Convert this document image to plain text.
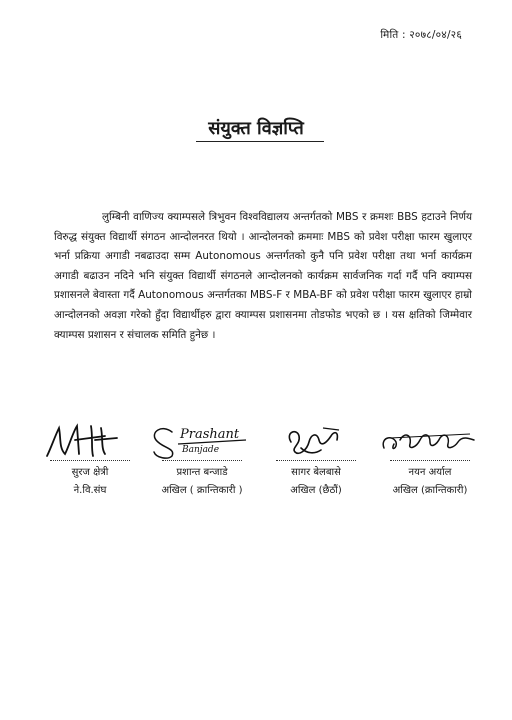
मिति : २०७८/०४/२६
संयुक्त विज्ञप्ति

लुम्बिनी वाणिज्य क्याम्पसले त्रिभुवन विश्वविद्यालय अन्तर्गतको MBS र क्रमशः BBS हटाउने निर्णय विरुद्ध संयुक्त विद्यार्थी संगठन आन्दोलनरत थियो । आन्दोलनको क्रममाः MBS को प्रवेश परीक्षा फारम खुलाएर भर्ना प्रक्रिया अगाडी नबढाउदा सम्म Autonomous अन्तर्गतको कुनै पनि प्रवेश परीक्षा तथा भर्ना कार्यक्रम अगाडी बढाउन नदिने भनि संयुक्त विद्यार्थी संगठनले आन्दोलनको कार्यक्रम सार्वजनिक गर्दा गर्दै पनि क्याम्पस प्रशासनले बेवास्ता गर्दै Autonomous अन्तर्गतका MBS-F र MBA-BF को प्रवेश परीक्षा फारम खुलाएर हाम्रो आन्दोलनको अवज्ञा गरेको हुँदा विद्यार्थीहरु द्वारा क्याम्पस प्रशासनमा तोडफोड भएको छ । यस क्षतिको जिम्मेवार क्याम्पस प्रशासन र संचालक समिति हुनेछ ।

सुरज क्षेत्री
ने.वि.संघ
Prashant
Banjade
प्रशान्त बन्जाडे
अखिल ( क्रान्तिकारी )
सागर बेलबासे
अखिल (छैठौं)
नयन अर्याल
अखिल (क्रान्तिकारी)
